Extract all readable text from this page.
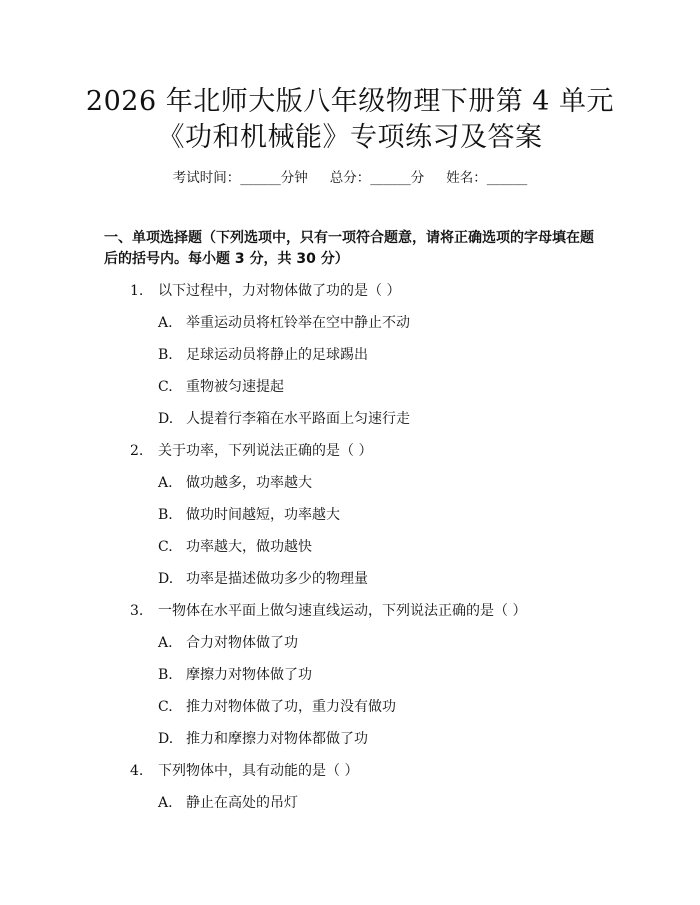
2026 年北师大版八年级物理下册第 4 单元
《功和机械能》专项练习及答案
考试时间：______分钟 总分：______分 姓名：______
一、单项选择题（下列选项中，只有一项符合题意，请将正确选项的字母填在题
后的括号内。每小题 3 分，共 30 分）
1. 以下过程中，力对物体做了功的是（ ）
A. 举重运动员将杠铃举在空中静止不动
B. 足球运动员将静止的足球踢出
C. 重物被匀速提起
D. 人提着行李箱在水平路面上匀速行走
2. 关于功率，下列说法正确的是（ ）
A. 做功越多，功率越大
B. 做功时间越短，功率越大
C. 功率越大，做功越快
D. 功率是描述做功多少的物理量
3. 一物体在水平面上做匀速直线运动，下列说法正确的是（ ）
A. 合力对物体做了功
B. 摩擦力对物体做了功
C. 推力对物体做了功，重力没有做功
D. 推力和摩擦力对物体都做了功
4. 下列物体中，具有动能的是（ ）
A. 静止在高处的吊灯
